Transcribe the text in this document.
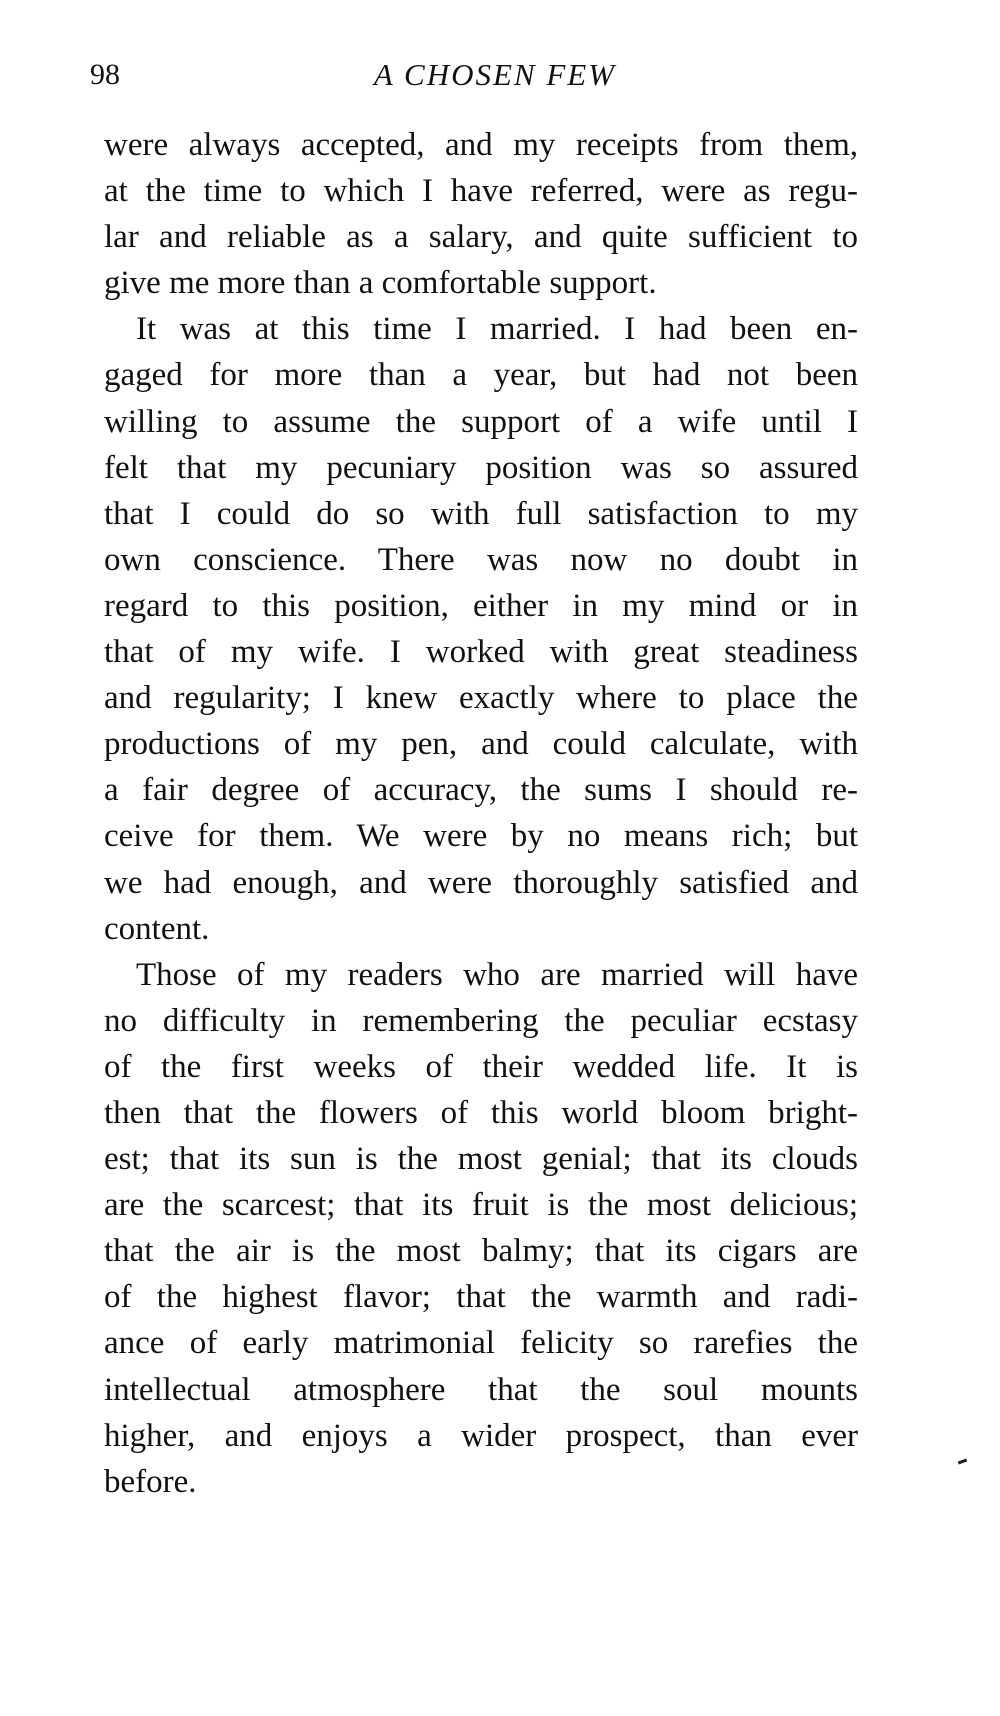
98	A CHOSEN FEW

were always accepted, and my receipts from them,
at the time to which I have referred, were as regu-
lar and reliable as a salary, and quite sufficient to
give me more than a comfortable support.

It was at this time I married. I had been en-
gaged for more than a year, but had not been
willing to assume the support of a wife until I
felt that my pecuniary position was so assured
that I could do so with full satisfaction to my
own conscience. There was now no doubt in
regard to this position, either in my mind or in
that of my wife. I worked with great steadiness
and regularity; I knew exactly where to place the
productions of my pen, and could calculate, with
a fair degree of accuracy, the sums I should re-
ceive for them. We were by no means rich; but
we had enough, and were thoroughly satisfied and
content.

Those of my readers who are married will have
no difficulty in remembering the peculiar ecstasy
of the first weeks of their wedded life. It is
then that the flowers of this world bloom bright-
est; that its sun is the most genial; that its clouds
are the scarcest; that its fruit is the most delicious;
that the air is the most balmy; that its cigars are
of the highest flavor; that the warmth and radi-
ance of early matrimonial felicity so rarefies the
intellectual atmosphere that the soul mounts
higher, and enjoys a wider prospect, than ever
before.
